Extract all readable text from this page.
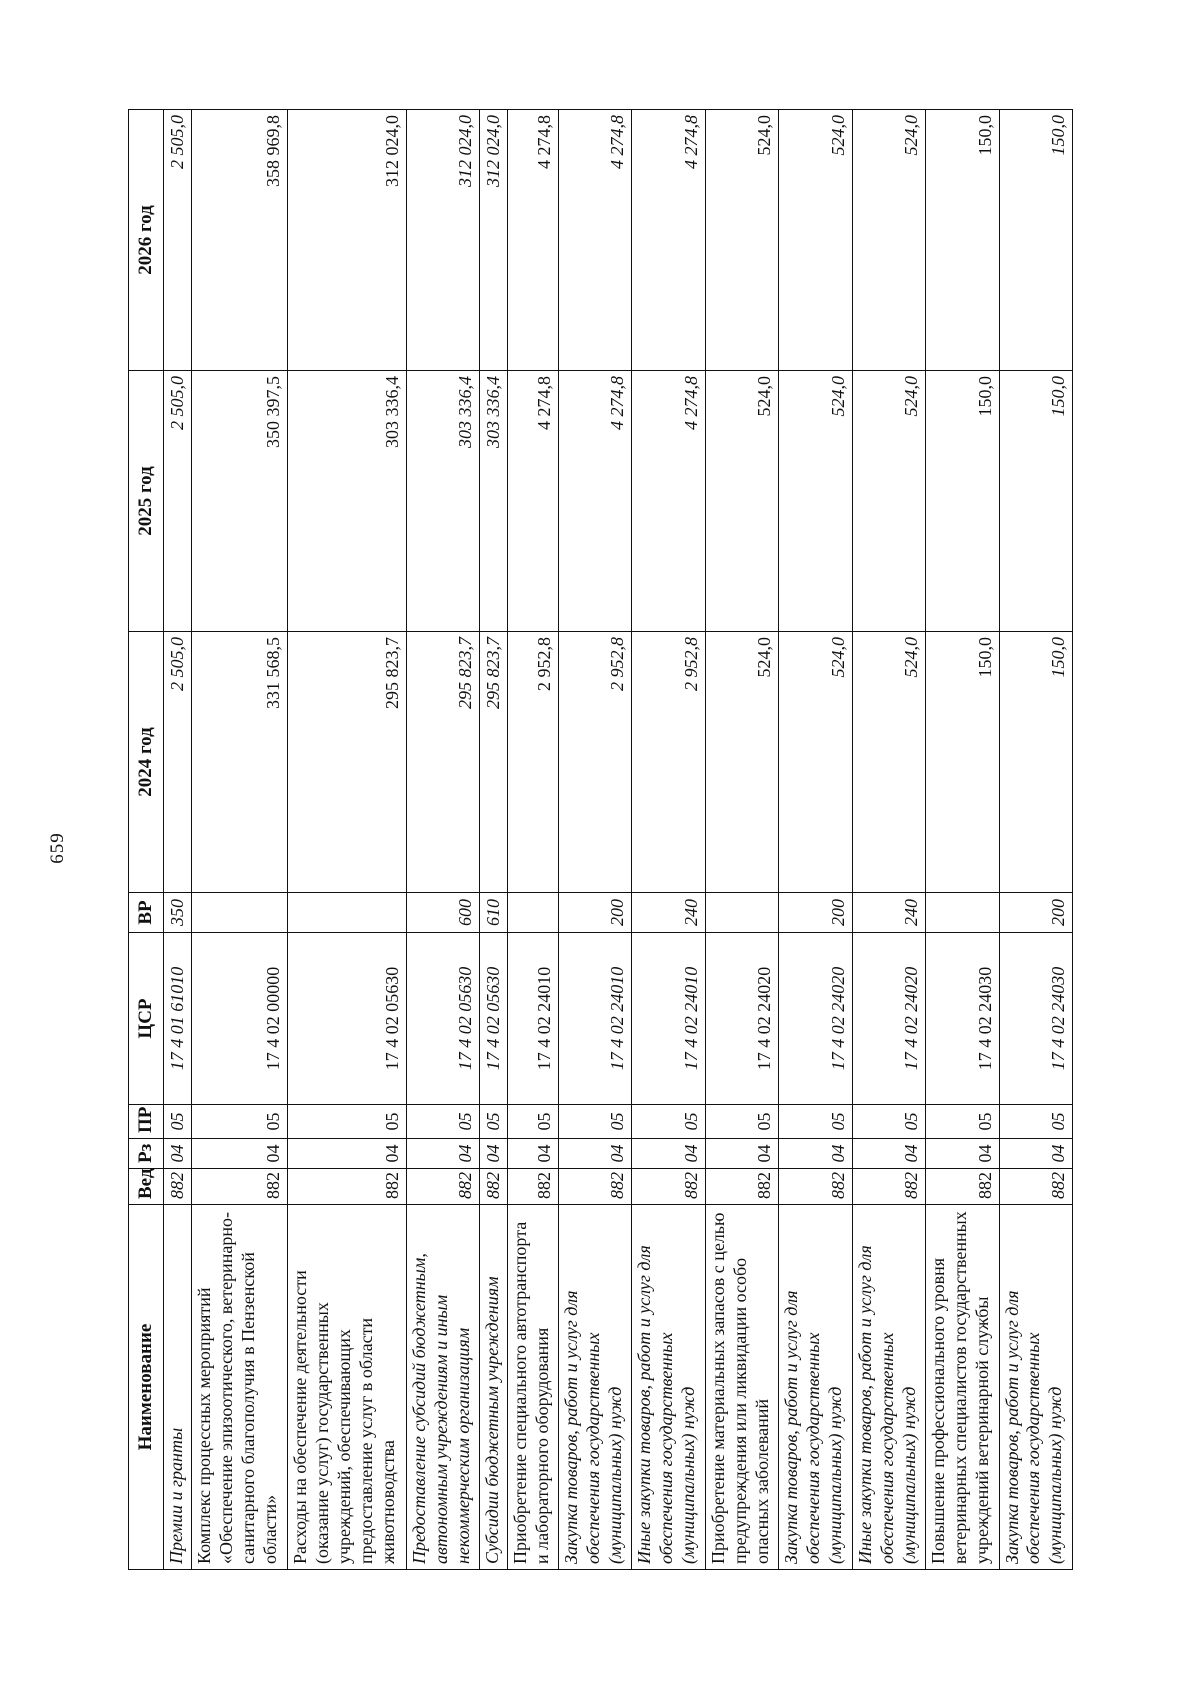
659
Наименование	Вед	Рз	ПР	ЦСР	ВР	2024 год	2025 год	2026 год
Премии и гранты	882	04	05	17 4 01 61010	350	2 505,0	2 505,0	2 505,0
Комплекс процессных мероприятий «Обеспечение эпизоотического, ветеринарно-санитарного благополучия в Пензенской области»	882	04	05	17 4 02 00000		331 568,5	350 397,5	358 969,8
Расходы на обеспечение деятельности (оказание услуг) государственных учреждений, обеспечивающих предоставление услуг в области животноводства	882	04	05	17 4 02 05630		295 823,7	303 336,4	312 024,0
Предоставление субсидий бюджетным, автономным учреждениям и иным некоммерческим организациям	882	04	05	17 4 02 05630	600	295 823,7	303 336,4	312 024,0
Субсидии бюджетным учреждениям	882	04	05	17 4 02 05630	610	295 823,7	303 336,4	312 024,0
Приобретение специального автотранспорта и лабораторного оборудования	882	04	05	17 4 02 24010		2 952,8	4 274,8	4 274,8
Закупка товаров, работ и услуг для обеспечения государственных (муниципальных) нужд	882	04	05	17 4 02 24010	200	2 952,8	4 274,8	4 274,8
Иные закупки товаров, работ и услуг для обеспечения государственных (муниципальных) нужд	882	04	05	17 4 02 24010	240	2 952,8	4 274,8	4 274,8
Приобретение материальных запасов с целью предупреждения или ликвидации особо опасных заболеваний	882	04	05	17 4 02 24020		524,0	524,0	524,0
Закупка товаров, работ и услуг для обеспечения государственных (муниципальных) нужд	882	04	05	17 4 02 24020	200	524,0	524,0	524,0
Иные закупки товаров, работ и услуг для обеспечения государственных (муниципальных) нужд	882	04	05	17 4 02 24020	240	524,0	524,0	524,0
Повышение профессионального уровня ветеринарных специалистов государственных учреждений ветеринарной службы	882	04	05	17 4 02 24030		150,0	150,0	150,0
Закупка товаров, работ и услуг для обеспечения государственных (муниципальных) нужд	882	04	05	17 4 02 24030	200	150,0	150,0	150,0
